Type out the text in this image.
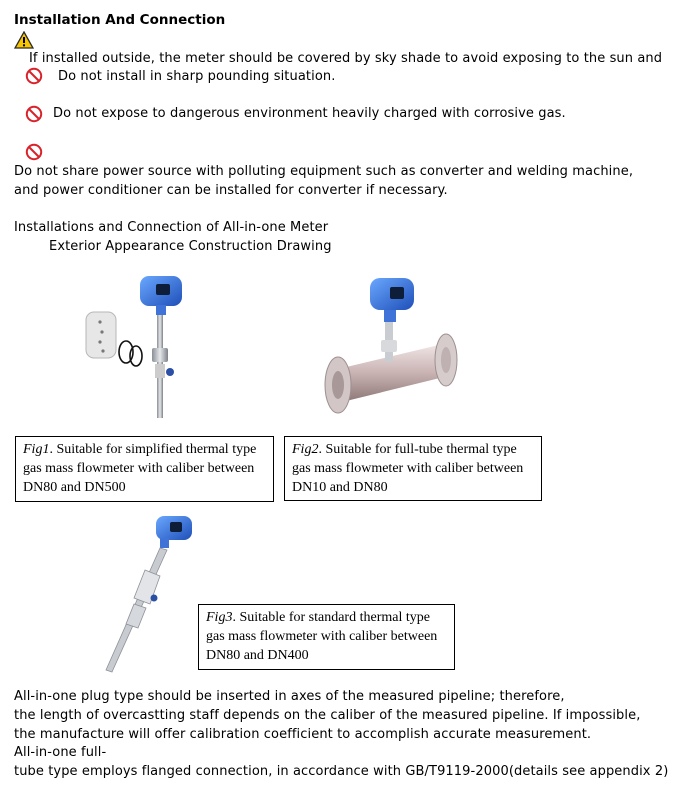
Installation And Connection
If installed outside, the meter should be covered by sky shade to avoid exposing to the sun and
Do not install in sharp pounding situation.
Do not expose to dangerous environment heavily charged with corrosive gas.
Do not share power source with polluting equipment such as converter and welding machine,
and power conditioner can be installed for converter if necessary.
Installations and Connection of All-in-one Meter
Exterior Appearance Construction Drawing
Fig1. Suitable for simplified thermal type
gas mass flowmeter with caliber between
DN80 and DN500
Fig2. Suitable for full-tube thermal type
gas mass flowmeter with caliber between
DN10 and DN80
Fig3. Suitable for standard thermal type
gas mass flowmeter with caliber between
DN80 and DN400
All-in-one plug type should be inserted in axes of the measured pipeline; therefore,
the length of overcastting staff depends on the caliber of the measured pipeline. If impossible,
the manufacture will offer calibration coefficient to accomplish accurate measurement.
All-in-one full-
tube type employs flanged connection, in accordance with GB/T9119-2000(details see appendix 2)
